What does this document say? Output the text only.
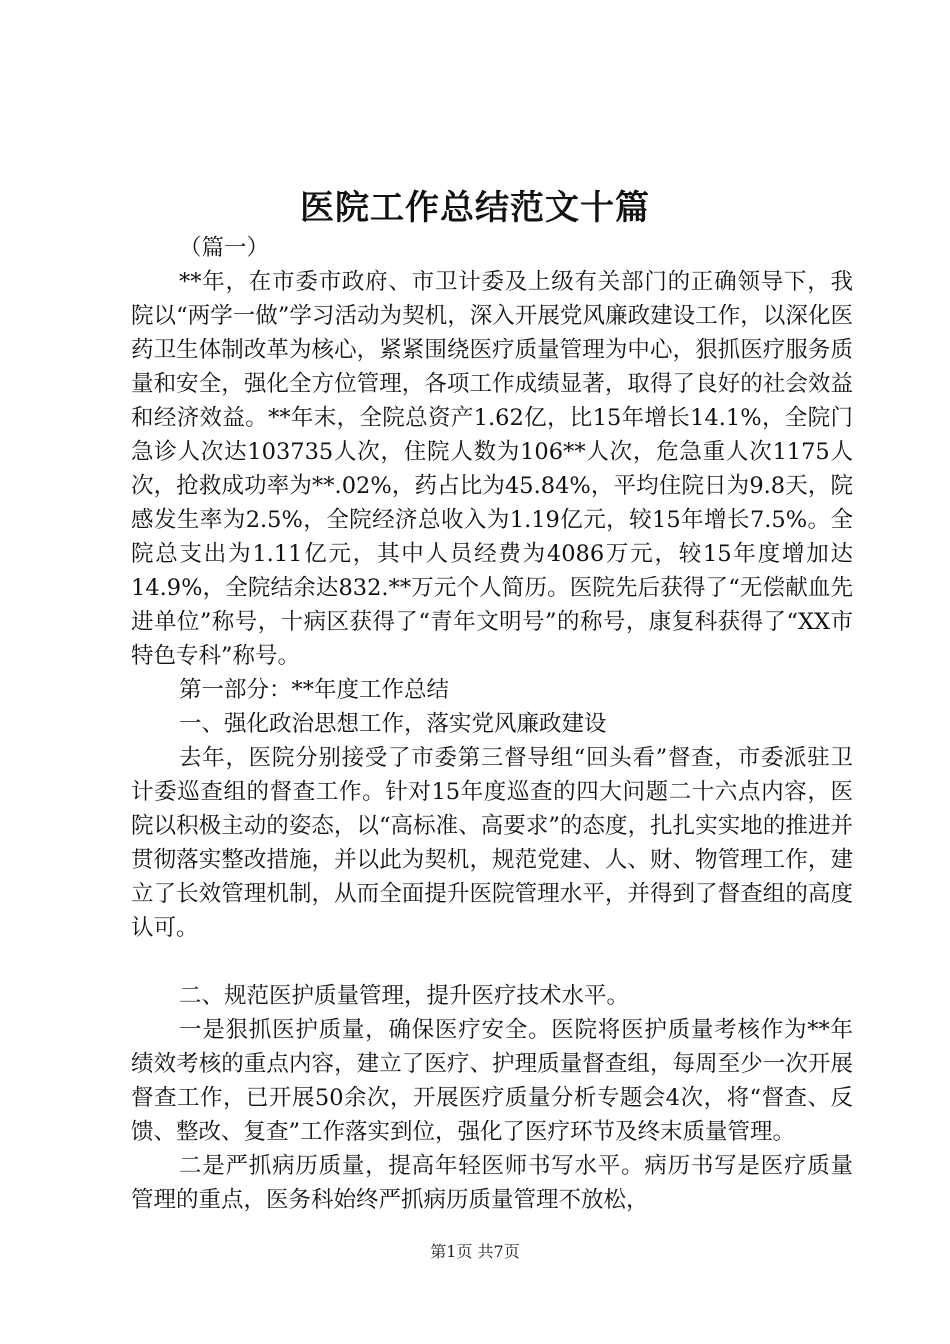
医院工作总结范文十篇

（篇一）

**年，在市委市政府、市卫计委及上级有关部门的正确领导下，我院以“两学一做”学习活动为契机，深入开展党风廉政建设工作，以深化医药卫生体制改革为核心，紧紧围绕医疗质量管理为中心，狠抓医疗服务质量和安全，强化全方位管理，各项工作成绩显著，取得了良好的社会效益和经济效益。**年末，全院总资产1.62亿，比15年增长14.1%，全院门急诊人次达103735人次，住院人数为106**人次，危急重人次1175人次，抢救成功率为**.02%，药占比为45.84%，平均住院日为9.8天，院感发生率为2.5%，全院经济总收入为1.19亿元，较15年增长7.5%。全院总支出为1.11亿元，其中人员经费为4086万元，较15年度增加达14.9%，全院结余达832.**万元个人简历。医院先后获得了“无偿献血先进单位”称号，十病区获得了“青年文明号”的称号，康复科获得了“XX市特色专科”称号。

第一部分：**年度工作总结

一、强化政治思想工作，落实党风廉政建设

去年，医院分别接受了市委第三督导组“回头看”督查，市委派驻卫计委巡查组的督查工作。针对15年度巡查的四大问题二十六点内容，医院以积极主动的姿态，以“高标准、高要求”的态度，扎扎实实地的推进并贯彻落实整改措施，并以此为契机，规范党建、人、财、物管理工作，建立了长效管理机制，从而全面提升医院管理水平，并得到了督查组的高度认可。

二、规范医护质量管理，提升医疗技术水平。

一是狠抓医护质量，确保医疗安全。医院将医护质量考核作为**年绩效考核的重点内容，建立了医疗、护理质量督查组，每周至少一次开展督查工作，已开展50余次，开展医疗质量分析专题会4次，将“督查、反馈、整改、复查”工作落实到位，强化了医疗环节及终末质量管理。

二是严抓病历质量，提高年轻医师书写水平。病历书写是医疗质量管理的重点，医务科始终严抓病历质量管理不放松，

第1页 共7页
